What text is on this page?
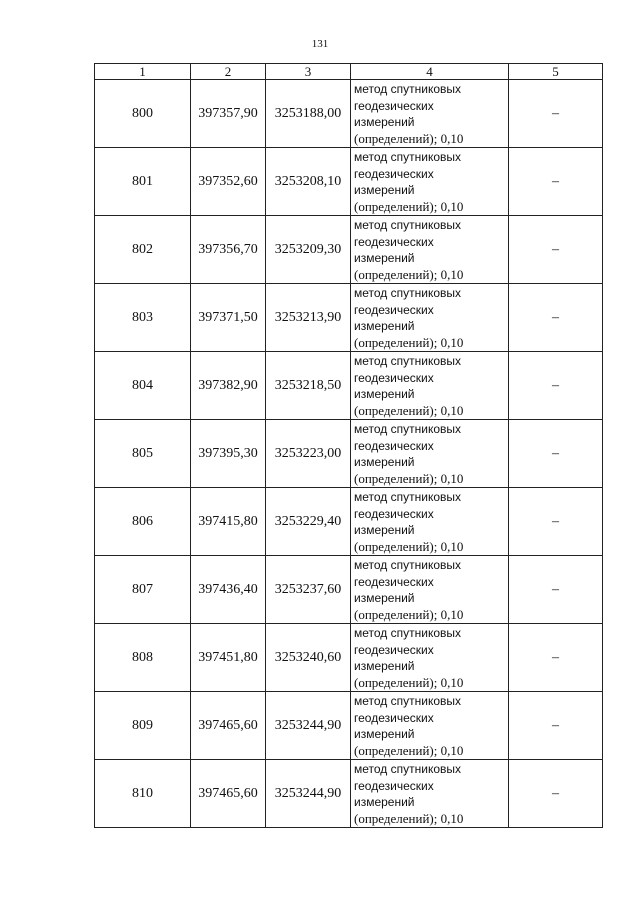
131
1	2	3	4	5
800	397357,90	3253188,00	метод спутниковых
геодезических
измерений
(определений); 0,10	–
801	397352,60	3253208,10	метод спутниковых
геодезических
измерений
(определений); 0,10	–
802	397356,70	3253209,30	метод спутниковых
геодезических
измерений
(определений); 0,10	–
803	397371,50	3253213,90	метод спутниковых
геодезических
измерений
(определений); 0,10	–
804	397382,90	3253218,50	метод спутниковых
геодезических
измерений
(определений); 0,10	–
805	397395,30	3253223,00	метод спутниковых
геодезических
измерений
(определений); 0,10	–
806	397415,80	3253229,40	метод спутниковых
геодезических
измерений
(определений); 0,10	–
807	397436,40	3253237,60	метод спутниковых
геодезических
измерений
(определений); 0,10	–
808	397451,80	3253240,60	метод спутниковых
геодезических
измерений
(определений); 0,10	–
809	397465,60	3253244,90	метод спутниковых
геодезических
измерений
(определений); 0,10	–
810	397465,60	3253244,90	метод спутниковых
геодезических
измерений
(определений); 0,10	–
